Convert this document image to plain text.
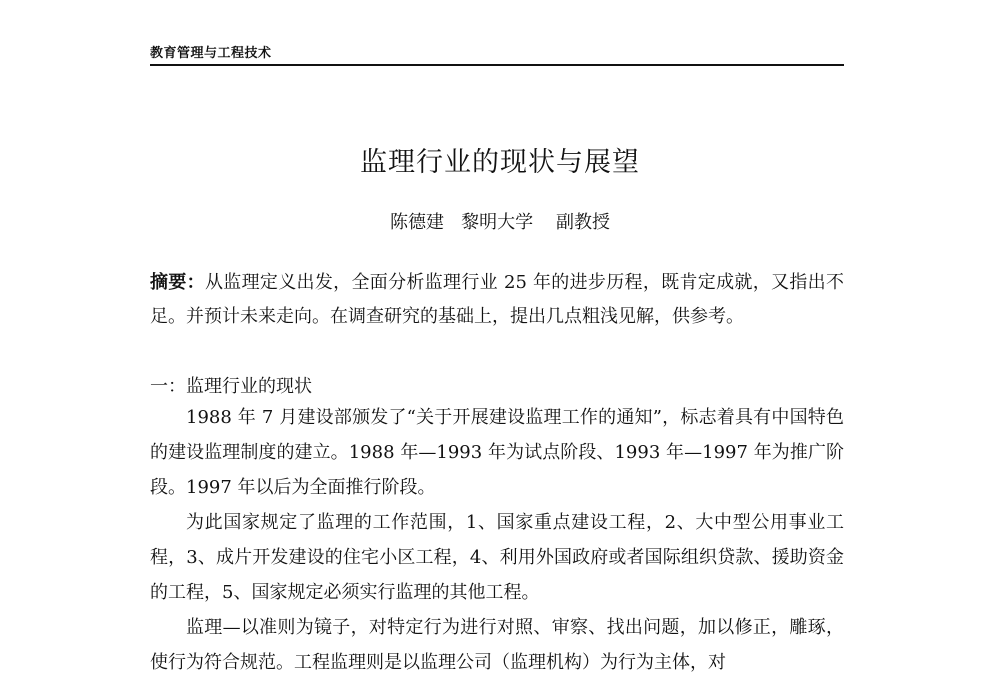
教育管理与工程技术
监理行业的现状与展望
陈德建   黎明大学    副教授
摘要：从监理定义出发，全面分析监理行业 25 年的进步历程，既肯定成就，又指出不足。并预计未来走向。在调查研究的基础上，提出几点粗浅见解，供参考。
一：监理行业的现状

1988 年 7 月建设部颁发了“关于开展建设监理工作的通知”，标志着具有中国特色的建设监理制度的建立。1988 年—1993 年为试点阶段、1993 年—1997 年为推广阶段。1997 年以后为全面推行阶段。

为此国家规定了监理的工作范围，1、国家重点建设工程，2、大中型公用事业工程，3、成片开发建设的住宅小区工程，4、利用外国政府或者国际组织贷款、援助资金的工程，5、国家规定必须实行监理的其他工程。

监理—以准则为镜子，对特定行为进行对照、审察、找出问题，加以修正，雕琢，使行为符合规范。工程监理则是以监理公司（监理机构）为行为主体，对
